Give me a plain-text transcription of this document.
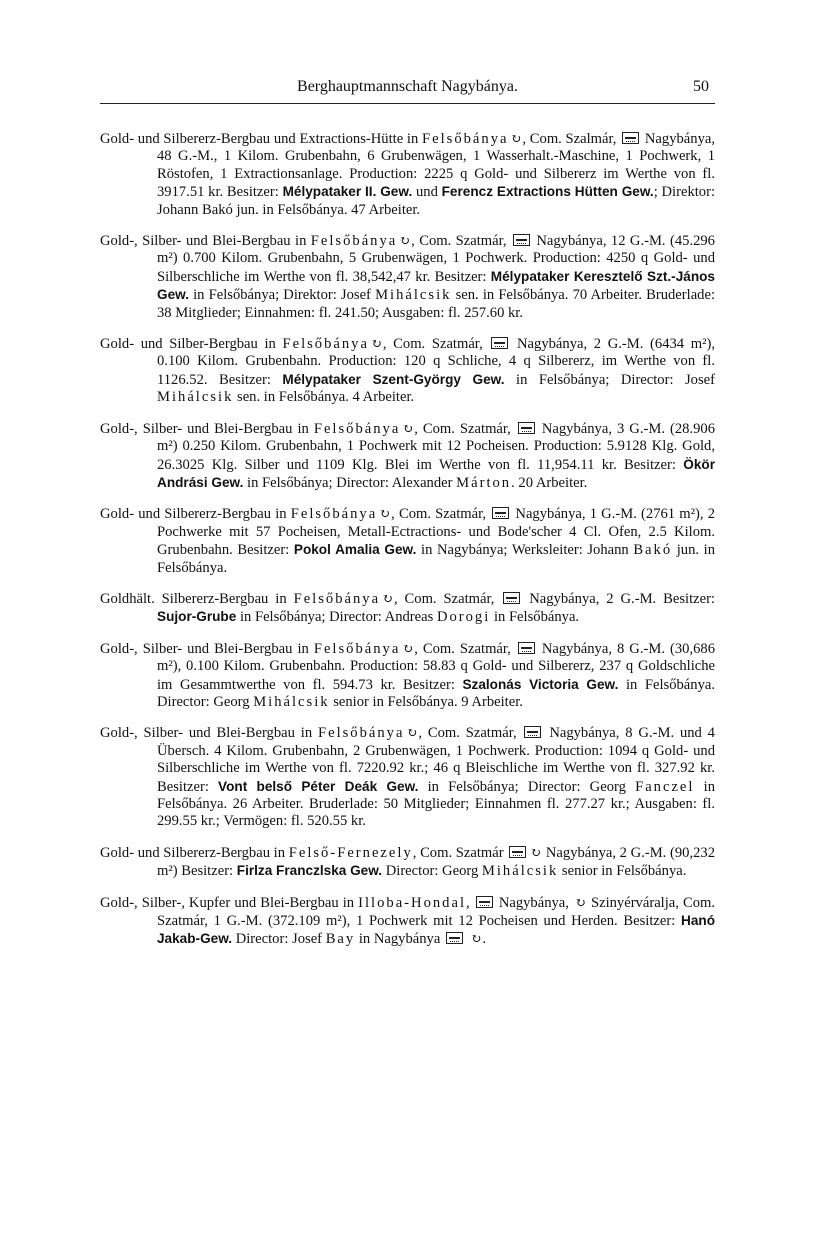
Berghauptmannschaft Nagybánya.	50

Gold- und Silbererz-Bergbau und Extractions-Hütte in Felsőbánya ↻ , Com. Szalmár,  Nagybánya, 48 G.-M., 1 Kilom. Grubenbahn, 6 Grubenwägen, 1 Wasserhalt.-Maschine, 1 Pochwerk, 1 Röstofen, 1 Extractionsanlage. Production: 2225 q Gold- und Silbererz im Werthe von fl. 3917.51 kr. Besitzer: Mélypataker II. Gew. und Ferencz Extractions Hütten Gew.; Direktor: Johann Bakó jun. in Felsőbánya. 47 Arbeiter.

Gold-, Silber- und Blei-Bergbau in Felsőbánya ↻ , Com. Szatmár,  Nagybánya, 12 G.-M. (45.296 m²) 0.700 Kilom. Grubenbahn, 5 Grubenwägen, 1 Pochwerk. Production: 4250 q Gold- und Silberschliche im Werthe von fl. 38,542,47 kr. Besitzer: Mélypataker Keresztelő Szt.-János Gew. in Felsőbánya; Direktor: Josef Mihálcsik sen. in Felsőbánya. 70 Arbeiter. Bruderlade: 38 Mitglieder; Einnahmen: fl. 241.50; Ausgaben: fl. 257.60 kr.

Gold- und Silber-Bergbau in Felsőbánya ↻ , Com. Szatmár,  Nagybánya, 2 G.-M. (6434 m²), 0.100 Kilom. Grubenbahn. Production: 120 q Schliche, 4 q Silbererz, im Werthe von fl. 1126.52. Besitzer: Mélypataker Szent-György Gew. in Felsőbánya; Director: Josef Mihálcsik sen. in Felsőbánya. 4 Arbeiter.

Gold-, Silber- und Blei-Bergbau in Felsőbánya ↻ , Com. Szatmár,  Nagybánya, 3 G.-M. (28.906 m²) 0.250 Kilom. Grubenbahn, 1 Pochwerk mit 12 Pocheisen. Production: 5.9128 Klg. Gold, 26.3025 Klg. Silber und 1109 Klg. Blei im Werthe von fl. 11,954.11 kr. Besitzer: Ökör Andrási Gew. in Felsőbánya; Director: Alexander Márton. 20 Arbeiter.

Gold- und Silbererz-Bergbau in Felsőbánya ↻ , Com. Szatmár,  Nagybánya, 1 G.-M. (2761 m²), 2 Pochwerke mit 57 Pocheisen, Metall-Ectractions- und Bode'scher 4 Cl. Ofen, 2.5 Kilom. Grubenbahn. Besitzer: Pokol Amalia Gew. in Nagybánya; Werksleiter: Johann Bakó jun. in Felsőbánya.

Goldhält. Silbererz-Bergbau in Felsőbánya ↻ , Com. Szatmár,  Nagybánya, 2 G.-M. Besitzer: Sujor-Grube in Felsőbánya; Director: Andreas Dorogi in Felsőbánya.

Gold-, Silber- und Blei-Bergbau in Felsőbánya ↻ , Com. Szatmár,  Nagybánya, 8 G.-M. (30,686 m²), 0.100 Kilom. Grubenbahn. Production: 58.83 q Gold- und Silbererz, 237 q Goldschliche im Gesammtwerthe von fl. 594.73 kr. Besitzer: Szalonás Victoria Gew. in Felsőbánya. Director: Georg Mihálcsik senior in Felsőbánya. 9 Arbeiter.

Gold-, Silber- und Blei-Bergbau in Felsőbánya ↻ , Com. Szatmár,  Nagybánya, 8 G.-M. und 4 Übersch. 4 Kilom. Grubenbahn, 2 Grubenwägen, 1 Pochwerk. Production: 1094 q Gold- und Silberschliche im Werthe von fl. 7220.92 kr.; 46 q Bleischliche im Werthe von fl. 327.92 kr. Besitzer: Vont belső Péter Deák Gew. in Felsőbánya; Director: Georg Fanczel in Felsőbánya. 26 Arbeiter. Bruderlade: 50 Mitglieder; Einnahmen fl. 277.27 kr.; Ausgaben: fl. 299.55 kr.; Vermögen: fl. 520.55 kr.

Gold- und Silbererz-Bergbau in Felső-Fernezely, Com. Szatmár ↻ Nagybánya, 2 G.-M. (90,232 m²) Besitzer: Firlza Franczlska Gew. Director: Georg Mihálcsik senior in Felsőbánya.

Gold-, Silber-, Kupfer und Blei-Bergbau in Illoba-Hondal,  Nagybánya, ↻ Szinyérváralja, Com. Szatmár, 1 G.-M. (372.109 m²), 1 Pochwerk mit 12 Pocheisen und Herden. Besitzer: Hanó Jakab-Gew. Director: Josef Bay in Nagybánya  ↻ .
